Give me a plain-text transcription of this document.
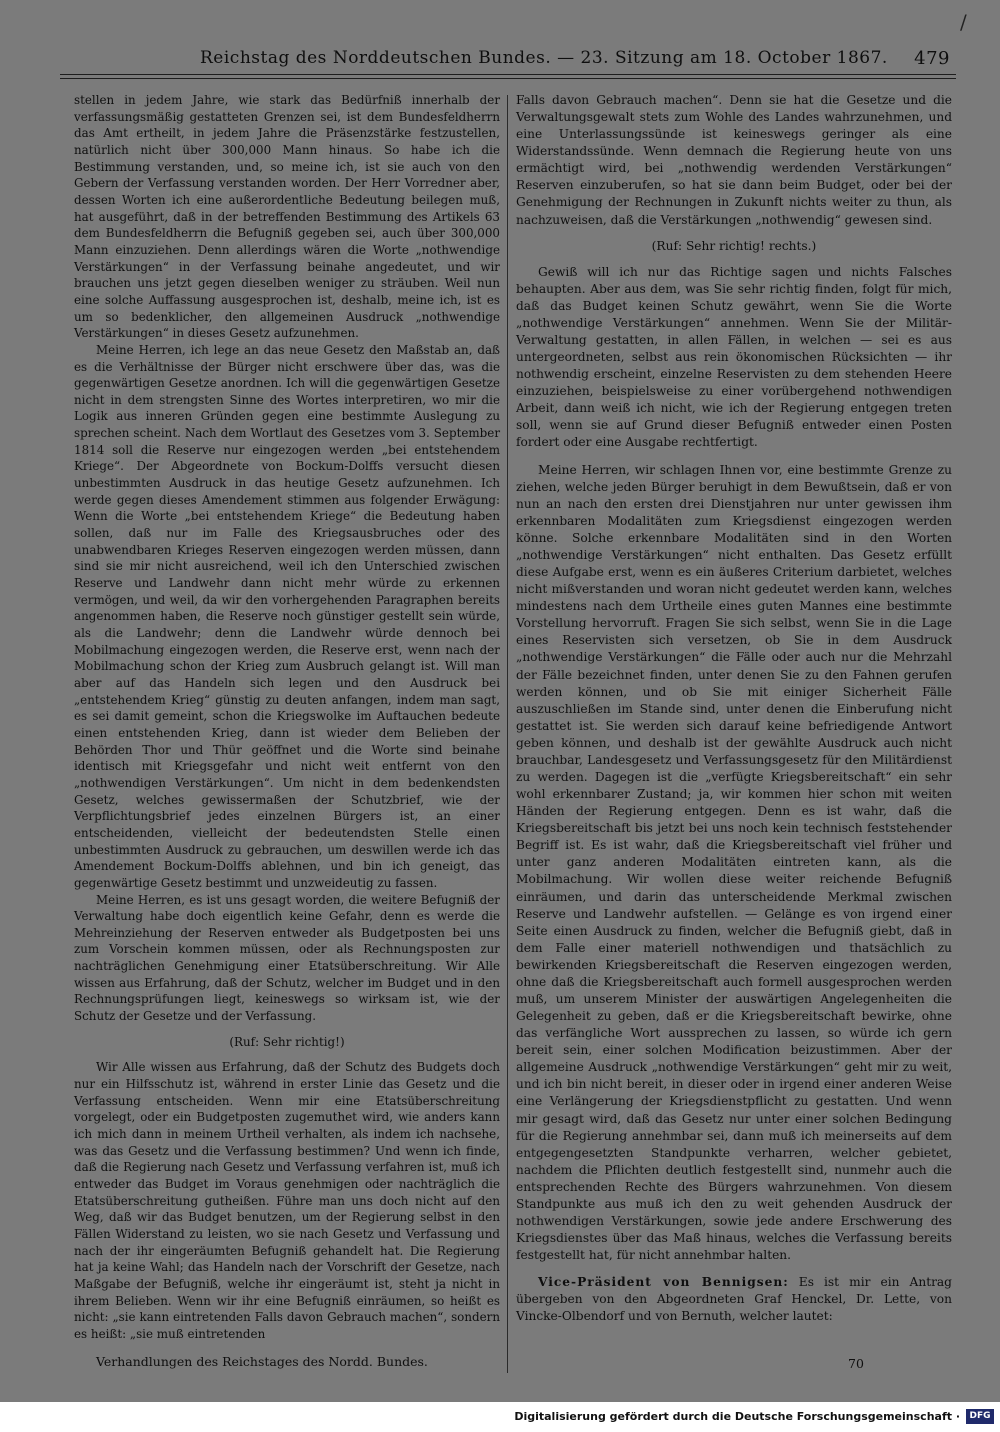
/
Reichstag des Norddeutschen Bundes. — 23. Sitzung am 18. October 1867. 479

stellen in jedem Jahre, wie stark das Bedürfniß innerhalb der verfassungsmäßig gestatteten Grenzen sei, ist dem Bundesfeldherrn das Amt ertheilt, in jedem Jahre die Präsenzstärke festzustellen, natürlich nicht über 300,000 Mann hinaus. So habe ich die Bestimmung verstanden, und, so meine ich, ist sie auch von den Gebern der Verfassung verstanden worden. Der Herr Vorredner aber, dessen Worten ich eine außerordentliche Bedeutung beilegen muß, hat ausgeführt, daß in der betreffenden Bestimmung des Artikels 63 dem Bundesfeldherrn die Befugniß gegeben sei, auch über 300,000 Mann einzuziehen. Denn allerdings wären die Worte „nothwendige Verstärkungen“ in der Verfassung beinahe angedeutet, und wir brauchen uns jetzt gegen dieselben weniger zu sträuben. Weil nun eine solche Auffassung ausgesprochen ist, deshalb, meine ich, ist es um so bedenklicher, den allgemeinen Ausdruck „nothwendige Verstärkungen“ in dieses Gesetz aufzunehmen.

Meine Herren, ich lege an das neue Gesetz den Maßstab an, daß es die Verhältnisse der Bürger nicht erschwere über das, was die gegenwärtigen Gesetze anordnen. Ich will die gegenwärtigen Gesetze nicht in dem strengsten Sinne des Wortes interpretiren, wo mir die Logik aus inneren Gründen gegen eine bestimmte Auslegung zu sprechen scheint. Nach dem Wortlaut des Gesetzes vom 3. September 1814 soll die Reserve nur eingezogen werden „bei entstehendem Kriege“. Der Abgeordnete von Bockum-Dolffs versucht diesen unbestimmten Ausdruck in das heutige Gesetz aufzunehmen. Ich werde gegen dieses Amendement stimmen aus folgender Erwägung: Wenn die Worte „bei entstehendem Kriege“ die Bedeutung haben sollen, daß nur im Falle des Kriegsausbruches oder des unabwendbaren Krieges Reserven eingezogen werden müssen, dann sind sie mir nicht ausreichend, weil ich den Unterschied zwischen Reserve und Landwehr dann nicht mehr würde zu erkennen vermögen, und weil, da wir den vorhergehenden Paragraphen bereits angenommen haben, die Reserve noch günstiger gestellt sein würde, als die Landwehr; denn die Landwehr würde dennoch bei Mobilmachung eingezogen werden, die Reserve erst, wenn nach der Mobilmachung schon der Krieg zum Ausbruch gelangt ist. Will man aber auf das Handeln sich legen und den Ausdruck bei „entstehendem Krieg“ günstig zu deuten anfangen, indem man sagt, es sei damit gemeint, schon die Kriegswolke im Auftauchen bedeute einen entstehenden Krieg, dann ist wieder dem Belieben der Behörden Thor und Thür geöffnet und die Worte sind beinahe identisch mit Kriegsgefahr und nicht weit entfernt von den „nothwendigen Verstärkungen“. Um nicht in dem bedenkendsten Gesetz, welches gewissermaßen der Schutzbrief, wie der Verpflichtungsbrief jedes einzelnen Bürgers ist, an einer entscheidenden, vielleicht der bedeutendsten Stelle einen unbestimmten Ausdruck zu gebrauchen, um deswillen werde ich das Amendement Bockum-Dolffs ablehnen, und bin ich geneigt, das gegenwärtige Gesetz bestimmt und unzweideutig zu fassen.

Meine Herren, es ist uns gesagt worden, die weitere Befugniß der Verwaltung habe doch eigentlich keine Gefahr, denn es werde die Mehreinziehung der Reserven entweder als Budgetposten bei uns zum Vorschein kommen müssen, oder als Rechnungsposten zur nachträglichen Genehmigung einer Etatsüberschreitung. Wir Alle wissen aus Erfahrung, daß der Schutz, welcher im Budget und in den Rechnungsprüfungen liegt, keineswegs so wirksam ist, wie der Schutz der Gesetze und der Verfassung.

(Ruf: Sehr richtig!)

Wir Alle wissen aus Erfahrung, daß der Schutz des Budgets doch nur ein Hilfsschutz ist, während in erster Linie das Gesetz und die Verfassung entscheiden. Wenn mir eine Etatsüberschreitung vorgelegt, oder ein Budgetposten zugemuthet wird, wie anders kann ich mich dann in meinem Urtheil verhalten, als indem ich nachsehe, was das Gesetz und die Verfassung bestimmen? Und wenn ich finde, daß die Regierung nach Gesetz und Verfassung verfahren ist, muß ich entweder das Budget im Voraus genehmigen oder nachträglich die Etatsüberschreitung gutheißen. Führe man uns doch nicht auf den Weg, daß wir das Budget benutzen, um der Regierung selbst in den Fällen Widerstand zu leisten, wo sie nach Gesetz und Verfassung und nach der ihr eingeräumten Befugniß gehandelt hat. Die Regierung hat ja keine Wahl; das Handeln nach der Vorschrift der Gesetze, nach Maßgabe der Befugniß, welche ihr eingeräumt ist, steht ja nicht in ihrem Belieben. Wenn wir ihr eine Befugniß einräumen, so heißt es nicht: „sie kann eintretenden Falls davon Gebrauch machen“, sondern es heißt: „sie muß eintretenden

Falls davon Gebrauch machen“. Denn sie hat die Gesetze und die Verwaltungsgewalt stets zum Wohle des Landes wahrzunehmen, und eine Unterlassungssünde ist keineswegs geringer als eine Widerstandssünde. Wenn demnach die Regierung heute von uns ermächtigt wird, bei „nothwendig werdenden Verstärkungen“ Reserven einzuberufen, so hat sie dann beim Budget, oder bei der Genehmigung der Rechnungen in Zukunft nichts weiter zu thun, als nachzuweisen, daß die Verstärkungen „nothwendig“ gewesen sind.

(Ruf: Sehr richtig! rechts.)

Gewiß will ich nur das Richtige sagen und nichts Falsches behaupten. Aber aus dem, was Sie sehr richtig finden, folgt für mich, daß das Budget keinen Schutz gewährt, wenn Sie die Worte „nothwendige Verstärkungen“ annehmen. Wenn Sie der Militär-Verwaltung gestatten, in allen Fällen, in welchen — sei es aus untergeordneten, selbst aus rein ökonomischen Rücksichten — ihr nothwendig erscheint, einzelne Reservisten zu dem stehenden Heere einzuziehen, beispielsweise zu einer vorübergehend nothwendigen Arbeit, dann weiß ich nicht, wie ich der Regierung entgegen treten soll, wenn sie auf Grund dieser Befugniß entweder einen Posten fordert oder eine Ausgabe rechtfertigt.

Meine Herren, wir schlagen Ihnen vor, eine bestimmte Grenze zu ziehen, welche jeden Bürger beruhigt in dem Bewußtsein, daß er von nun an nach den ersten drei Dienstjahren nur unter gewissen ihm erkennbaren Modalitäten zum Kriegsdienst eingezogen werden könne. Solche erkennbare Modalitäten sind in den Worten „nothwendige Verstärkungen“ nicht enthalten. Das Gesetz erfüllt diese Aufgabe erst, wenn es ein äußeres Criterium darbietet, welches nicht mißverstanden und woran nicht gedeutet werden kann, welches mindestens nach dem Urtheile eines guten Mannes eine bestimmte Vorstellung hervorruft. Fragen Sie sich selbst, wenn Sie in die Lage eines Reservisten sich versetzen, ob Sie in dem Ausdruck „nothwendige Verstärkungen“ die Fälle oder auch nur die Mehrzahl der Fälle bezeichnet finden, unter denen Sie zu den Fahnen gerufen werden können, und ob Sie mit einiger Sicherheit Fälle auszuschließen im Stande sind, unter denen die Einberufung nicht gestattet ist. Sie werden sich darauf keine befriedigende Antwort geben können, und deshalb ist der gewählte Ausdruck auch nicht brauchbar, Landesgesetz und Verfassungsgesetz für den Militärdienst zu werden. Dagegen ist die „verfügte Kriegsbereitschaft“ ein sehr wohl erkennbarer Zustand; ja, wir kommen hier schon mit weiten Händen der Regierung entgegen. Denn es ist wahr, daß die Kriegsbereitschaft bis jetzt bei uns noch kein technisch feststehender Begriff ist. Es ist wahr, daß die Kriegsbereitschaft viel früher und unter ganz anderen Modalitäten eintreten kann, als die Mobilmachung. Wir wollen diese weiter reichende Befugniß einräumen, und darin das unterscheidende Merkmal zwischen Reserve und Landwehr aufstellen. — Gelänge es von irgend einer Seite einen Ausdruck zu finden, welcher die Befugniß giebt, daß in dem Falle einer materiell nothwendigen und thatsächlich zu bewirkenden Kriegsbereitschaft die Reserven eingezogen werden, ohne daß die Kriegsbereitschaft auch formell ausgesprochen werden muß, um unserem Minister der auswärtigen Angelegenheiten die Gelegenheit zu geben, daß er die Kriegsbereitschaft bewirke, ohne das verfängliche Wort aussprechen zu lassen, so würde ich gern bereit sein, einer solchen Modification beizustimmen. Aber der allgemeine Ausdruck „nothwendige Verstärkungen“ geht mir zu weit, und ich bin nicht bereit, in dieser oder in irgend einer anderen Weise eine Verlängerung der Kriegsdienstpflicht zu gestatten. Und wenn mir gesagt wird, daß das Gesetz nur unter einer solchen Bedingung für die Regierung annehmbar sei, dann muß ich meinerseits auf dem entgegengesetzten Standpunkte verharren, welcher gebietet, nachdem die Pflichten deutlich festgestellt sind, nunmehr auch die entsprechenden Rechte des Bürgers wahrzunehmen. Von diesem Standpunkte aus muß ich den zu weit gehenden Ausdruck der nothwendigen Verstärkungen, sowie jede andere Erschwerung des Kriegsdienstes über das Maß hinaus, welches die Verfassung bereits festgestellt hat, für nicht annehmbar halten.

Vice-Präsident von Bennigsen: Es ist mir ein Antrag übergeben von den Abgeordneten Graf Henckel, Dr. Lette, von Vincke-Olbendorf und von Bernuth, welcher lautet:

Verhandlungen des Reichstages des Nordd. Bundes.	70
Digitalisierung gefördert durch die Deutsche Forschungsgemeinschaft ·	DFG
